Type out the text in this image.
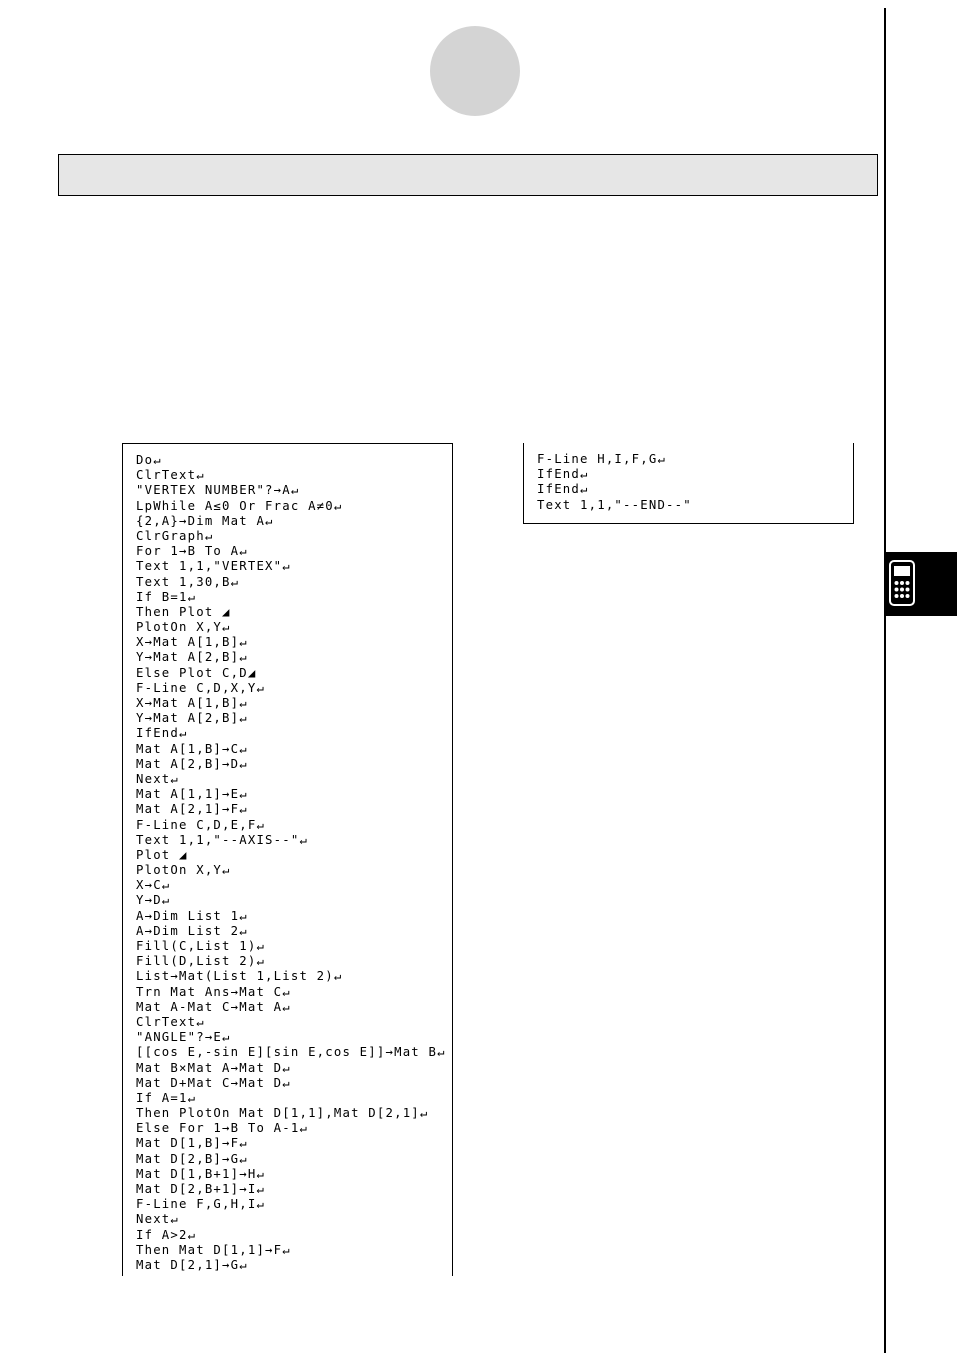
Do↵
ClrText↵
"VERTEX NUMBER"?→A↵
LpWhile A≤0 Or Frac A≠0↵
{2,A}→Dim Mat A↵
ClrGraph↵
For 1→B To A↵
Text 1,1,"VERTEX"↵
Text 1,30,B↵
If B=1↵
Then Plot ◢
PlotOn X,Y↵
X→Mat A[1,B]↵
Y→Mat A[2,B]↵
Else Plot C,D◢
F-Line C,D,X,Y↵
X→Mat A[1,B]↵
Y→Mat A[2,B]↵
IfEnd↵
Mat A[1,B]→C↵
Mat A[2,B]→D↵
Next↵
Mat A[1,1]→E↵
Mat A[2,1]→F↵
F-Line C,D,E,F↵
Text 1,1,"--AXIS--"↵
Plot ◢
PlotOn X,Y↵
X→C↵
Y→D↵
A→Dim List 1↵
A→Dim List 2↵
Fill(C,List 1)↵
Fill(D,List 2)↵
List→Mat(List 1,List 2)↵
Trn Mat Ans→Mat C↵
Mat A-Mat C→Mat A↵
ClrText↵
"ANGLE"?→E↵
[[cos E,-sin E][sin E,cos E]]→Mat B↵
Mat B×Mat A→Mat D↵
Mat D+Mat C→Mat D↵
If A=1↵
Then PlotOn Mat D[1,1],Mat D[2,1]↵
Else For 1→B To A-1↵
Mat D[1,B]→F↵
Mat D[2,B]→G↵
Mat D[1,B+1]→H↵
Mat D[2,B+1]→I↵
F-Line F,G,H,I↵
Next↵
If A>2↵
Then Mat D[1,1]→F↵
Mat D[2,1]→G↵
F-Line H,I,F,G↵
IfEnd↵
IfEnd↵
Text 1,1,"--END--"
